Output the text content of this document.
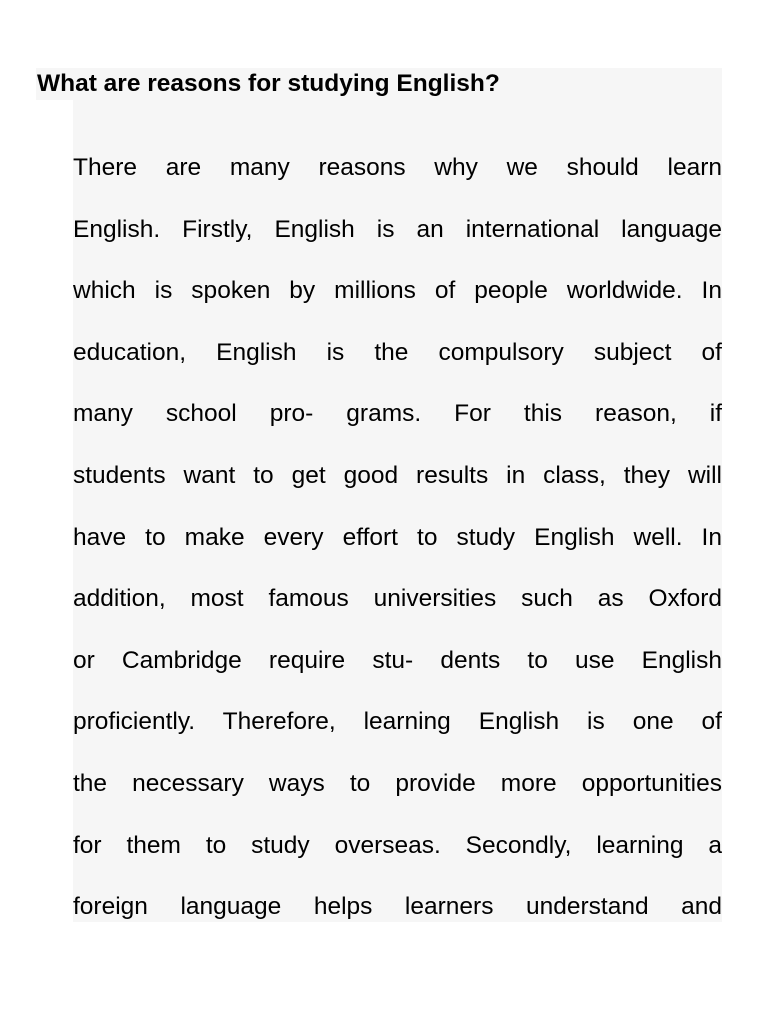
What are reasons for studying English?
There are many reasons why we should learn
English. Firstly, English is an international language
which is spoken by millions of people worldwide. In
education, English is the compulsory subject of
many school pro- grams. For this reason, if
students want to get good results in class, they will
have to make every effort to study English well. In
addition, most famous universities such as Oxford
or Cambridge require stu- dents to use English
proficiently. Therefore, learning English is one of
the necessary ways to provide more opportunities
for them to study overseas. Secondly, learning a
foreign language helps learners understand and
